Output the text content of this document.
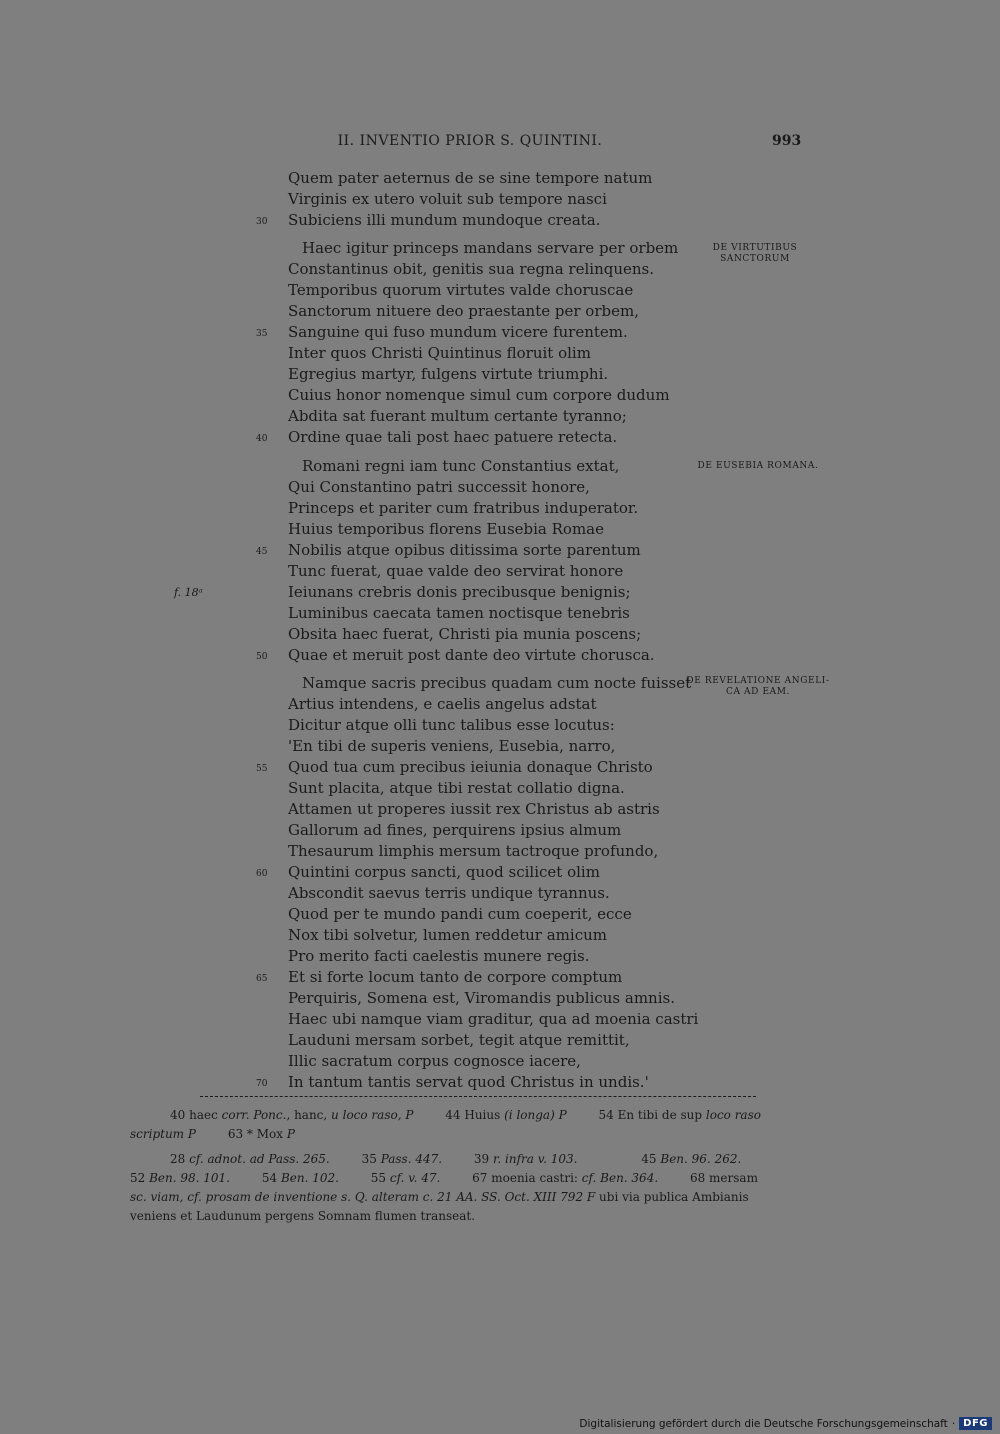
II. INVENTIO PRIOR S. QUINTINI.	993
Quem pater aeternus de se sine tempore natum
Virginis ex utero voluit sub tempore nasci
Subiciens illi mundum mundoque creata.
Haec igitur princeps mandans servare per orbem
Constantinus obit, genitis sua regna relinquens.
Temporibus quorum virtutes valde choruscae
Sanctorum nituere deo praestante per orbem,
Sanguine qui fuso mundum vicere furentem.
Inter quos Christi Quintinus floruit olim
Egregius martyr, fulgens virtute triumphi.
Cuius honor nomenque simul cum corpore dudum
Abdita sat fuerant multum certante tyranno;
Ordine quae tali post haec patuere retecta.
Romani regni iam tunc Constantius extat,
Qui Constantino patri successit honore,
Princeps et pariter cum fratribus induperator.
Huius temporibus florens Eusebia Romae
Nobilis atque opibus ditissima sorte parentum
Tunc fuerat, quae valde deo servirat honore
Ieiunans crebris donis precibusque benignis;
Luminibus caecata tamen noctisque tenebris
Obsita haec fuerat, Christi pia munia poscens;
Quae et meruit post dante deo virtute chorusca.
Namque sacris precibus quadam cum nocte fuisset
Artius intendens, e caelis angelus adstat
Dicitur atque olli tunc talibus esse locutus:
'En tibi de superis veniens, Eusebia, narro,
Quod tua cum precibus ieiunia donaque Christo
Sunt placita, atque tibi restat collatio digna.
Attamen ut properes iussit rex Christus ab astris
Gallorum ad fines, perquirens ipsius almum
Thesaurum limphis mersum tactroque profundo,
Quintini corpus sancti, quod scilicet olim
Abscondit saevus terris undique tyrannus.
Quod per te mundo pandi cum coeperit, ecce
Nox tibi solvetur, lumen reddetur amicum
Pro merito facti caelestis munere regis.
Et si forte locum tanto de corpore comptum
Perquiris, Somena est, Viromandis publicus amnis.
Haec ubi namque viam graditur, qua ad moenia castri
Lauduni mersam sorbet, tegit atque remittit,
Illic sacratum corpus cognosce iacere,
In tantum tantis servat quod Christus in undis.'
30
35
40
45
50
55
60
65
70
DE VIRTUTIBUS
SANCTORUM
DE EUSEBIA ROMANA.
DE REVELATIONE ANGELI-
CA AD EAM.
f. 18ᵃ
40 haec corr. Ponc., hanc, u loco raso, P	44 Huius (i longa) P	54 En tibi de sup loco raso
scriptum P	63 * Mox P
28 cf. adnot. ad Pass. 265.	35 Pass. 447.	39 r. infra v. 103.	45 Ben. 96. 262.
52 Ben. 98. 101.	54 Ben. 102.	55 cf. v. 47.	67 moenia castri: cf. Ben. 364.	68 mersam
sc. viam, cf. prosam de inventione s. Q. alteram c. 21 AA. SS. Oct. XIII 792 F ubi via publica Ambianis
veniens et Laudunum pergens Somnam flumen transeat.
Digitalisierung gefördert durch die Deutsche Forschungsgemeinschaft · DFG
